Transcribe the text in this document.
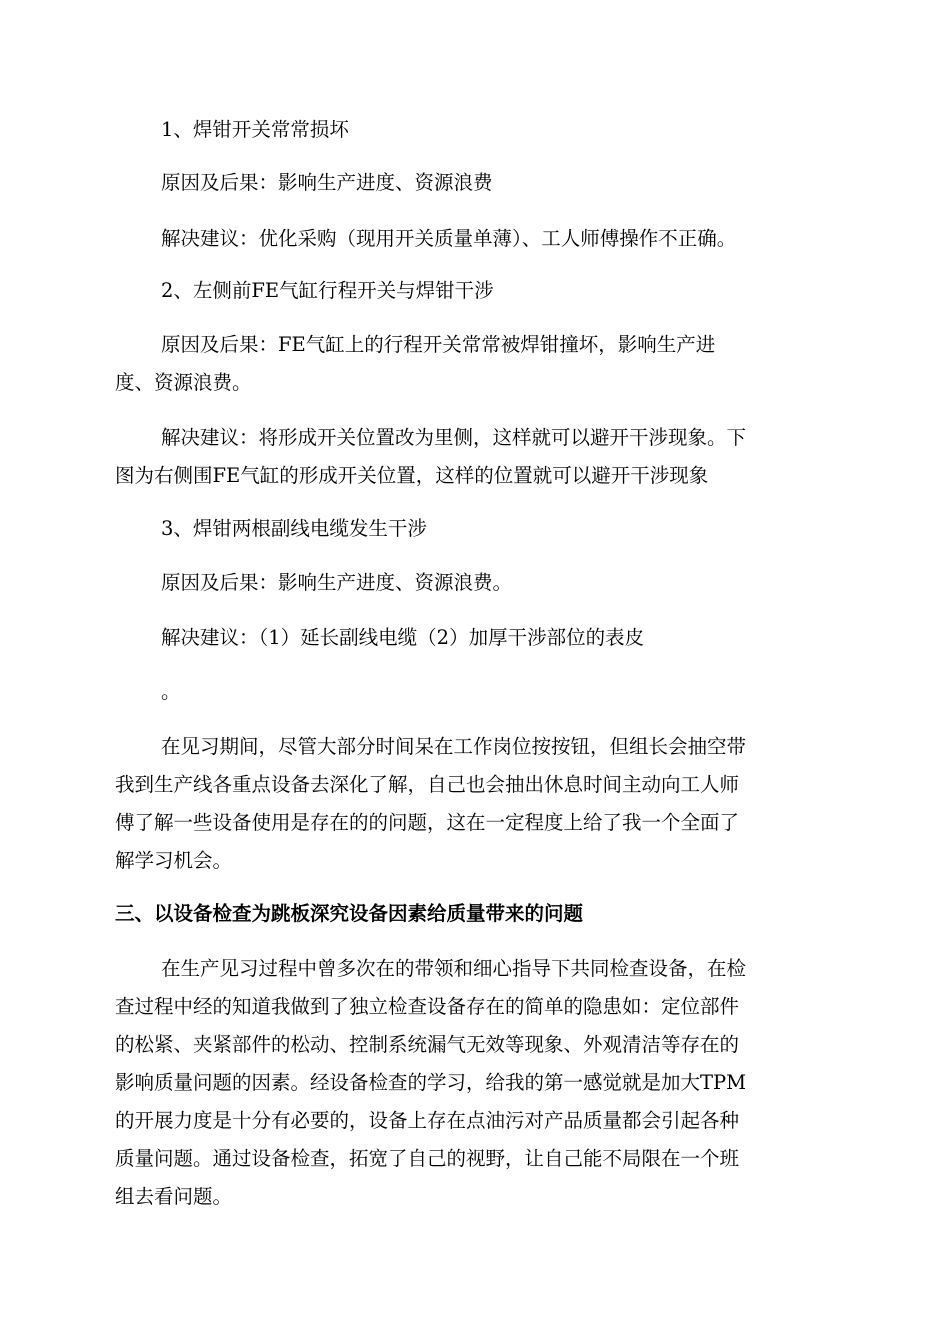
1、焊钳开关常常损坏

原因及后果：影响生产进度、资源浪费

解决建议：优化采购（现用开关质量单薄）、工人师傅操作不正确。

2、左侧前FE气缸行程开关与焊钳干涉

原因及后果：FE气缸上的行程开关常常被焊钳撞坏，影响生产进
度、资源浪费。
解决建议：将形成开关位置改为里侧，这样就可以避开干涉现象。下
图为右侧围FE气缸的形成开关位置，这样的位置就可以避开干涉现象

3、焊钳两根副线电缆发生干涉

原因及后果：影响生产进度、资源浪费。

解决建议：（1）延长副线电缆（2）加厚干涉部位的表皮

。

在见习期间，尽管大部分时间呆在工作岗位按按钮，但组长会抽空带
我到生产线各重点设备去深化了解，自己也会抽出休息时间主动向工人师
傅了解一些设备使用是存在的的问题，这在一定程度上给了我一个全面了
解学习机会。

三、以设备检查为跳板深究设备因素给质量带来的问题

在生产见习过程中曾多次在的带领和细心指导下共同检查设备，在检
查过程中经的知道我做到了独立检查设备存在的简单的隐患如：定位部件
的松紧、夹紧部件的松动、控制系统漏气无效等现象、外观清洁等存在的
影响质量问题的因素。经设备检查的学习，给我的第一感觉就是加大TPM
的开展力度是十分有必要的，设备上存在点油污对产品质量都会引起各种
质量问题。通过设备检查，拓宽了自己的视野，让自己能不局限在一个班
组去看问题。
